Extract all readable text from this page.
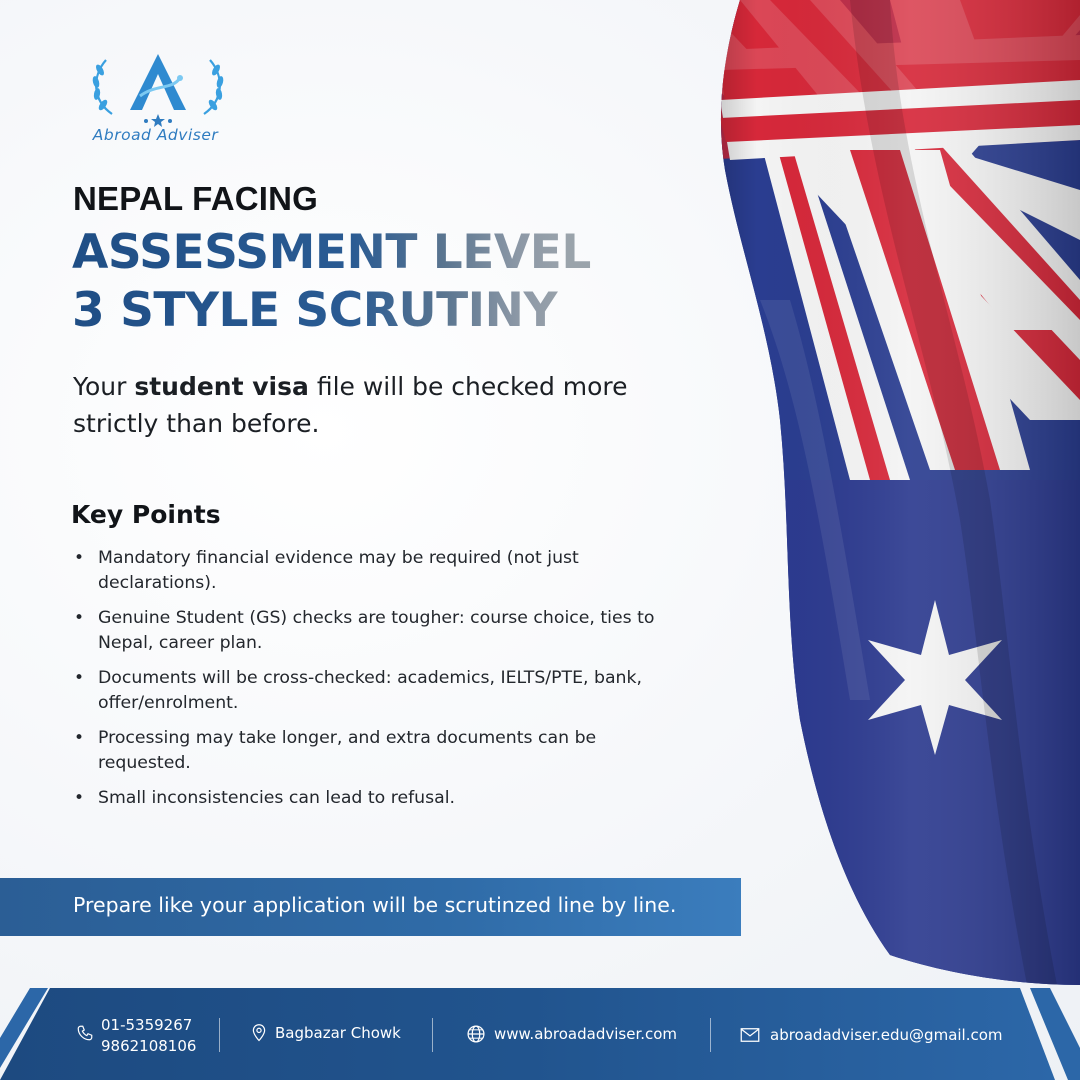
Abroad Adviser
NEPAL FACING
ASSESSMENT LEVEL
3 STYLE SCRUTINY
Your student visa file will be checked more strictly than before.
Key Points
• Mandatory financial evidence may be required (not just declarations).
• Genuine Student (GS) checks are tougher: course choice, ties to Nepal, career plan.
• Documents will be cross-checked: academics, IELTS/PTE, bank, offer/enrolment.
• Processing may take longer, and extra documents can be requested.
• Small inconsistencies can lead to refusal.
Prepare like your application will be scrutinzed line by line.
01-5359267
9862108106
Bagbazar Chowk	www.abroadadviser.com	abroadadviser.edu@gmail.com
